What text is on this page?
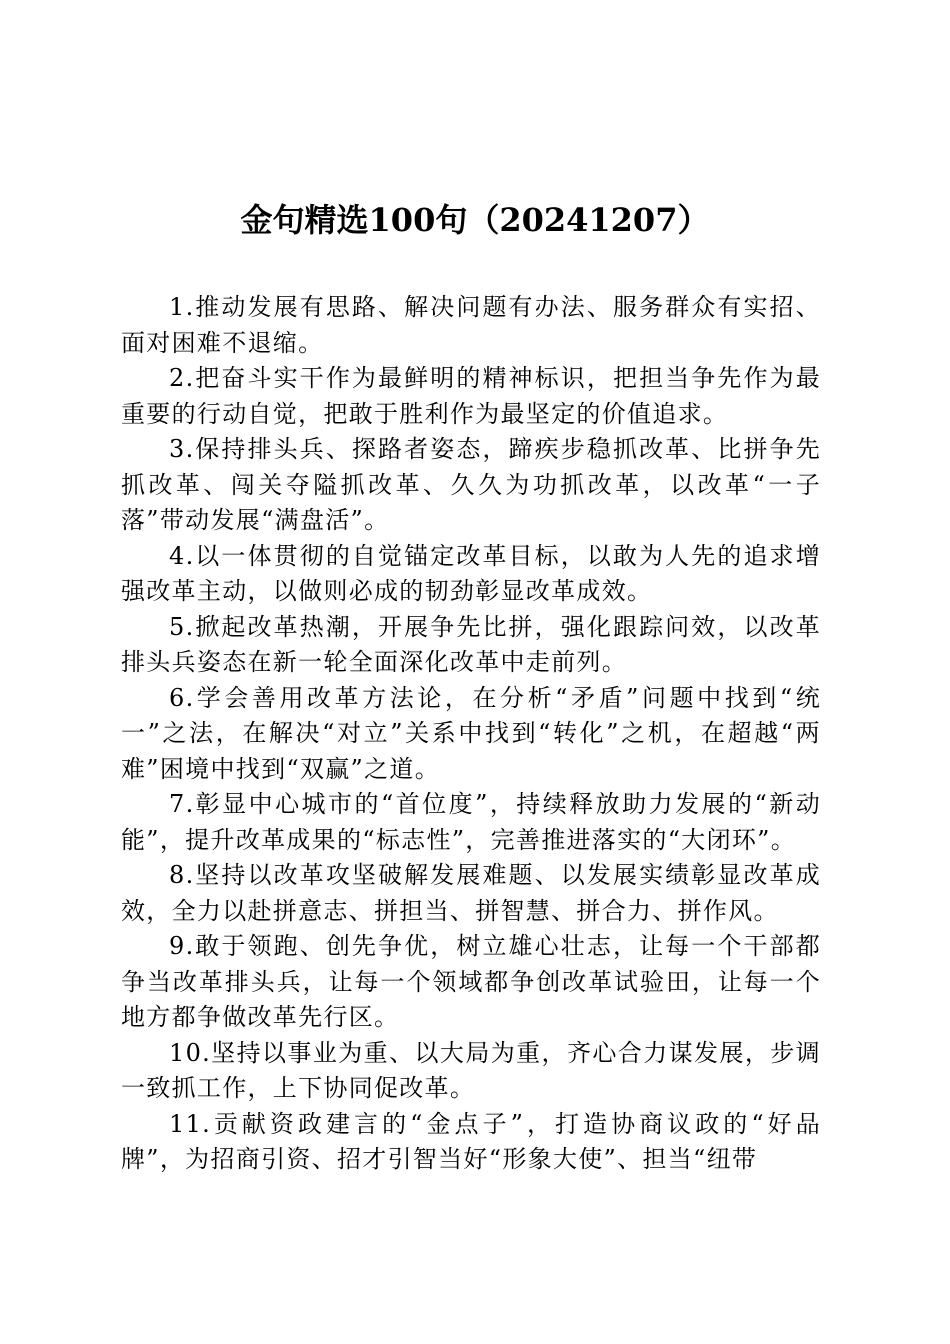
金句精选100句（20241207）

1.推动发展有思路、解决问题有办法、服务群众有实招、面对困难不退缩。

2.把奋斗实干作为最鲜明的精神标识，把担当争先作为最重要的行动自觉，把敢于胜利作为最坚定的价值追求。

3.保持排头兵、探路者姿态，蹄疾步稳抓改革、比拼争先抓改革、闯关夺隘抓改革、久久为功抓改革，以改革“一子落”带动发展“满盘活”。

4.以一体贯彻的自觉锚定改革目标，以敢为人先的追求增强改革主动，以做则必成的韧劲彰显改革成效。

5.掀起改革热潮，开展争先比拼，强化跟踪问效，以改革排头兵姿态在新一轮全面深化改革中走前列。

6.学会善用改革方法论，在分析“矛盾”问题中找到“统一”之法，在解决“对立”关系中找到“转化”之机，在超越“两难”困境中找到“双赢”之道。

7.彰显中心城市的“首位度”，持续释放助力发展的“新动能”，提升改革成果的“标志性”，完善推进落实的“大闭环”。

8.坚持以改革攻坚破解发展难题、以发展实绩彰显改革成效，全力以赴拼意志、拼担当、拼智慧、拼合力、拼作风。

9.敢于领跑、创先争优，树立雄心壮志，让每一个干部都争当改革排头兵，让每一个领域都争创改革试验田，让每一个地方都争做改革先行区。

10.坚持以事业为重、以大局为重，齐心合力谋发展，步调一致抓工作，上下协同促改革。

11.贡献资政建言的“金点子”，打造协商议政的“好品牌”，为招商引资、招才引智当好“形象大使”、担当“纽带
